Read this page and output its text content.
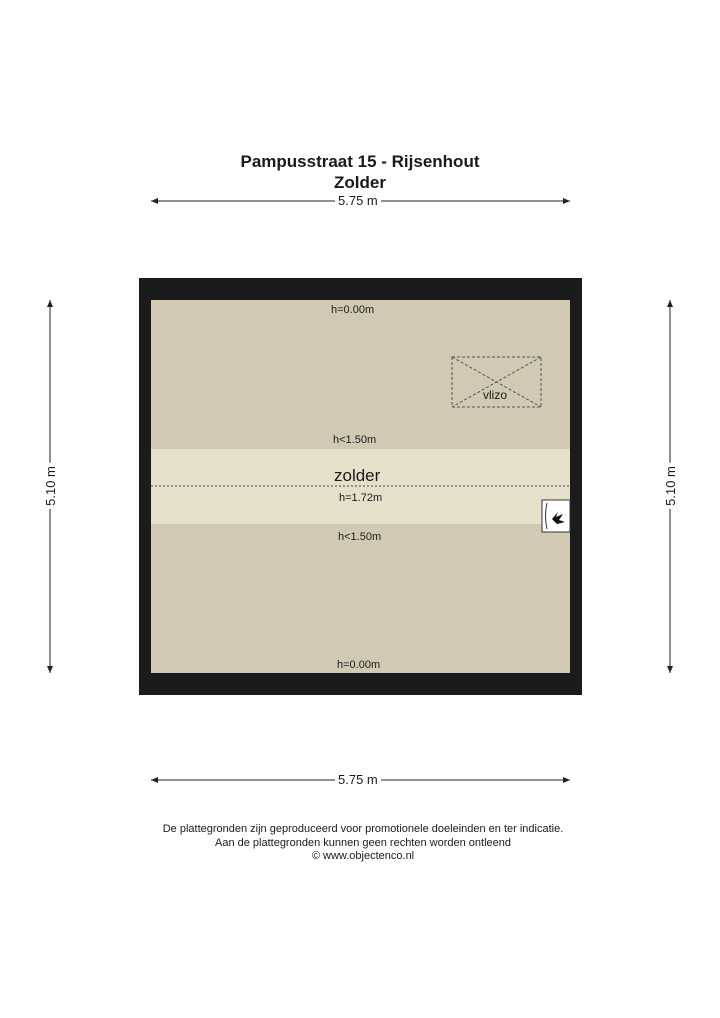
Pampusstraat 15 - Rijsenhout
Zolder
5.75 m
5.75 m
5.10 m	5.10 m
h=0.00m
vlizo
h<1.50m
zolder
h=1.72m
h<1.50m
h=0.00m
De plattegronden zijn geproduceerd voor promotionele doeleinden en ter indicatie.
Aan de plattegronden kunnen geen rechten worden ontleend
© www.objectenco.nl
